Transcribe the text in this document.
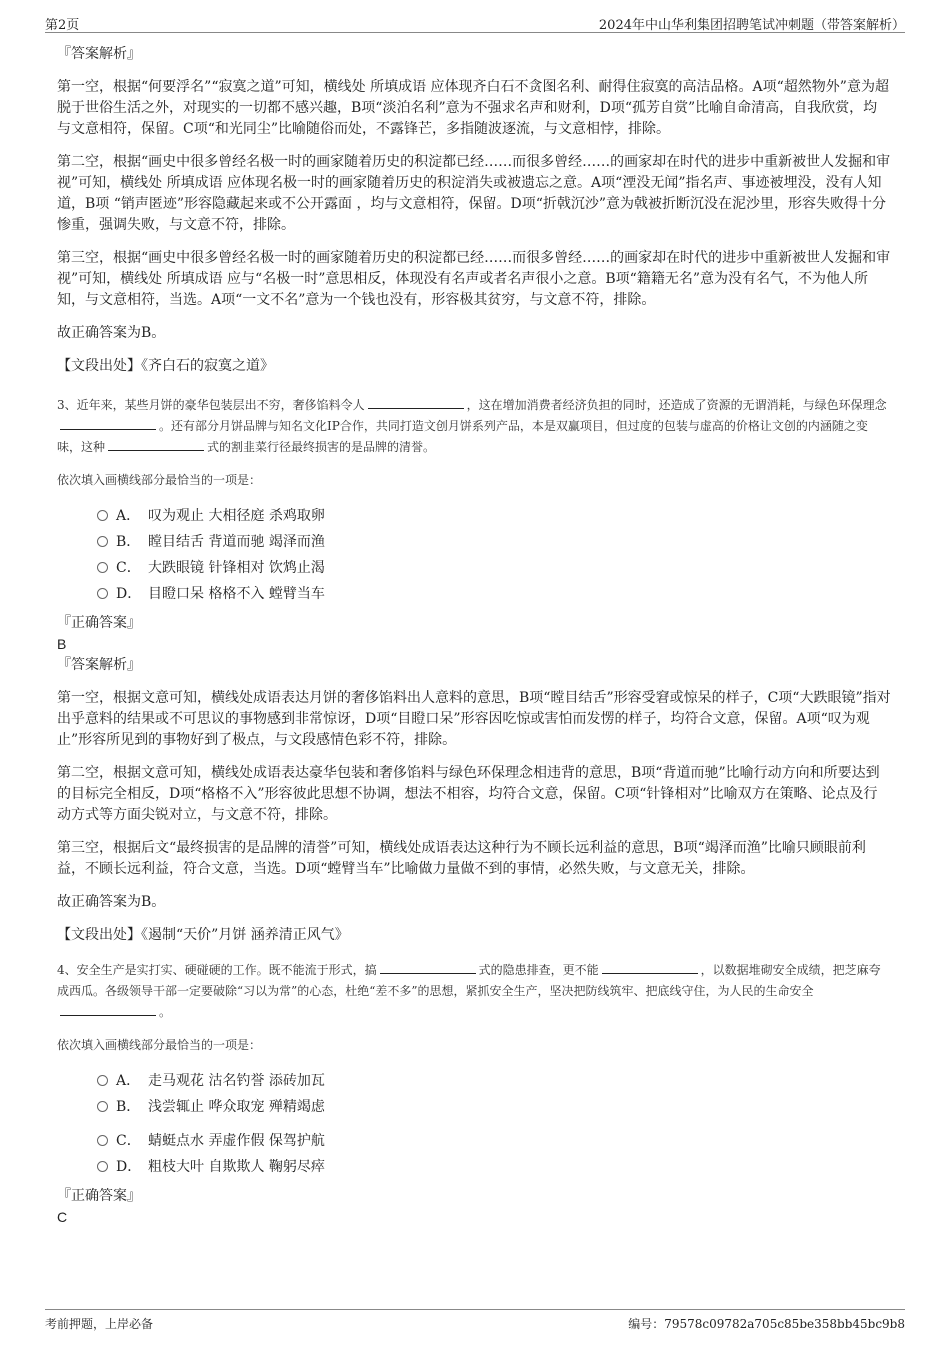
第2页	2024年中山华利集团招聘笔试冲刺题（带答案解析）

『答案解析』

第一空，根据“何要浮名”“寂寞之道”可知，横线处 所填成语 应体现齐白石不贪图名利、耐得住寂寞的高洁品格。A项“超然物外”意为超脱于世俗生活之外，对现实的一切都不感兴趣，B项“淡泊名利”意为不强求名声和财利，D项“孤芳自赏”比喻自命清高，自我欣赏，均与文意相符，保留。C项“和光同尘”比喻随俗而处，不露锋芒，多指随波逐流，与文意相悖，排除。

第二空，根据“画史中很多曾经名极一时的画家随着历史的积淀都已经……而很多曾经……的画家却在时代的进步中重新被世人发掘和审视”可知，横线处 所填成语 应体现名极一时的画家随着历史的积淀消失或被遗忘之意。A项“湮没无闻”指名声、事迹被埋没，没有人知道，B项 “销声匿迹”形容隐藏起来或不公开露面 ，均与文意相符，保留。D项“折戟沉沙”意为戟被折断沉没在泥沙里，形容失败得十分惨重，强调失败，与文意不符，排除。

第三空，根据“画史中很多曾经名极一时的画家随着历史的积淀都已经……而很多曾经……的画家却在时代的进步中重新被世人发掘和审视”可知，横线处 所填成语 应与“名极一时”意思相反，体现没有名声或者名声很小之意。B项“籍籍无名”意为没有名气，不为他人所知，与文意相符，当选。A项“一文不名”意为一个钱也没有，形容极其贫穷，与文意不符，排除。

故正确答案为B。

【文段出处】《齐白石的寂寞之道》

3、近年来，某些月饼的豪华包装层出不穷，奢侈馅料令人	，这在增加消费者经济负担的同时，还造成了资源的无谓消耗，与绿色环保理念。还有部分月饼品牌与知名文化IP合作，共同打造文创月饼系列产品，本是双赢项目，但过度的包装与虚高的价格让文创的内涵随之变味，这种	式的割韭菜行径最终损害的是品牌的清誉。

依次填入画横线部分最恰当的一项是：

A． 叹为观止 大相径庭 杀鸡取卵
B． 瞠目结舌 背道而驰 竭泽而渔
C． 大跌眼镜 针锋相对 饮鸩止渴
D． 目瞪口呆 格格不入 螳臂当车

『正确答案』

B

『答案解析』

第一空，根据文意可知，横线处成语表达月饼的奢侈馅料出人意料的意思，B项“瞠目结舌”形容受窘或惊呆的样子，C项“大跌眼镜”指对出乎意料的结果或不可思议的事物感到非常惊讶，D项“目瞪口呆”形容因吃惊或害怕而发愣的样子，均符合文意，保留。A项“叹为观止”形容所见到的事物好到了极点，与文段感情色彩不符，排除。

第二空，根据文意可知，横线处成语表达豪华包装和奢侈馅料与绿色环保理念相违背的意思，B项“背道而驰”比喻行动方向和所要达到的目标完全相反，D项“格格不入”形容彼此思想不协调，想法不相容，均符合文意，保留。C项“针锋相对”比喻双方在策略、论点及行动方式等方面尖锐对立，与文意不符，排除。

第三空，根据后文“最终损害的是品牌的清誉”可知，横线处成语表达这种行为不顾长远利益的意思，B项“竭泽而渔”比喻只顾眼前利益，不顾长远利益，符合文意，当选。D项“螳臂当车”比喻做力量做不到的事情，必然失败，与文意无关，排除。

故正确答案为B。

【文段出处】《遏制“天价”月饼 涵养清正风气》

4、安全生产是实打实、硬碰硬的工作。既不能流于形式，搞	式的隐患排查，更不能	，以数据堆砌安全成绩，把芝麻夸成西瓜。各级领导干部一定要破除“习以为常”的心态，杜绝“差不多”的思想，紧抓安全生产，坚决把防线筑牢、把底线守住，为人民的生命安全。

依次填入画横线部分最恰当的一项是：

A． 走马观花 沽名钓誉 添砖加瓦
B． 浅尝辄止 哗众取宠 殚精竭虑
C． 蜻蜓点水 弄虚作假 保驾护航
D． 粗枝大叶 自欺欺人 鞠躬尽瘁

『正确答案』

C

考前押题，上岸必备	编号：79578c09782a705c85be358bb45bc9b8
